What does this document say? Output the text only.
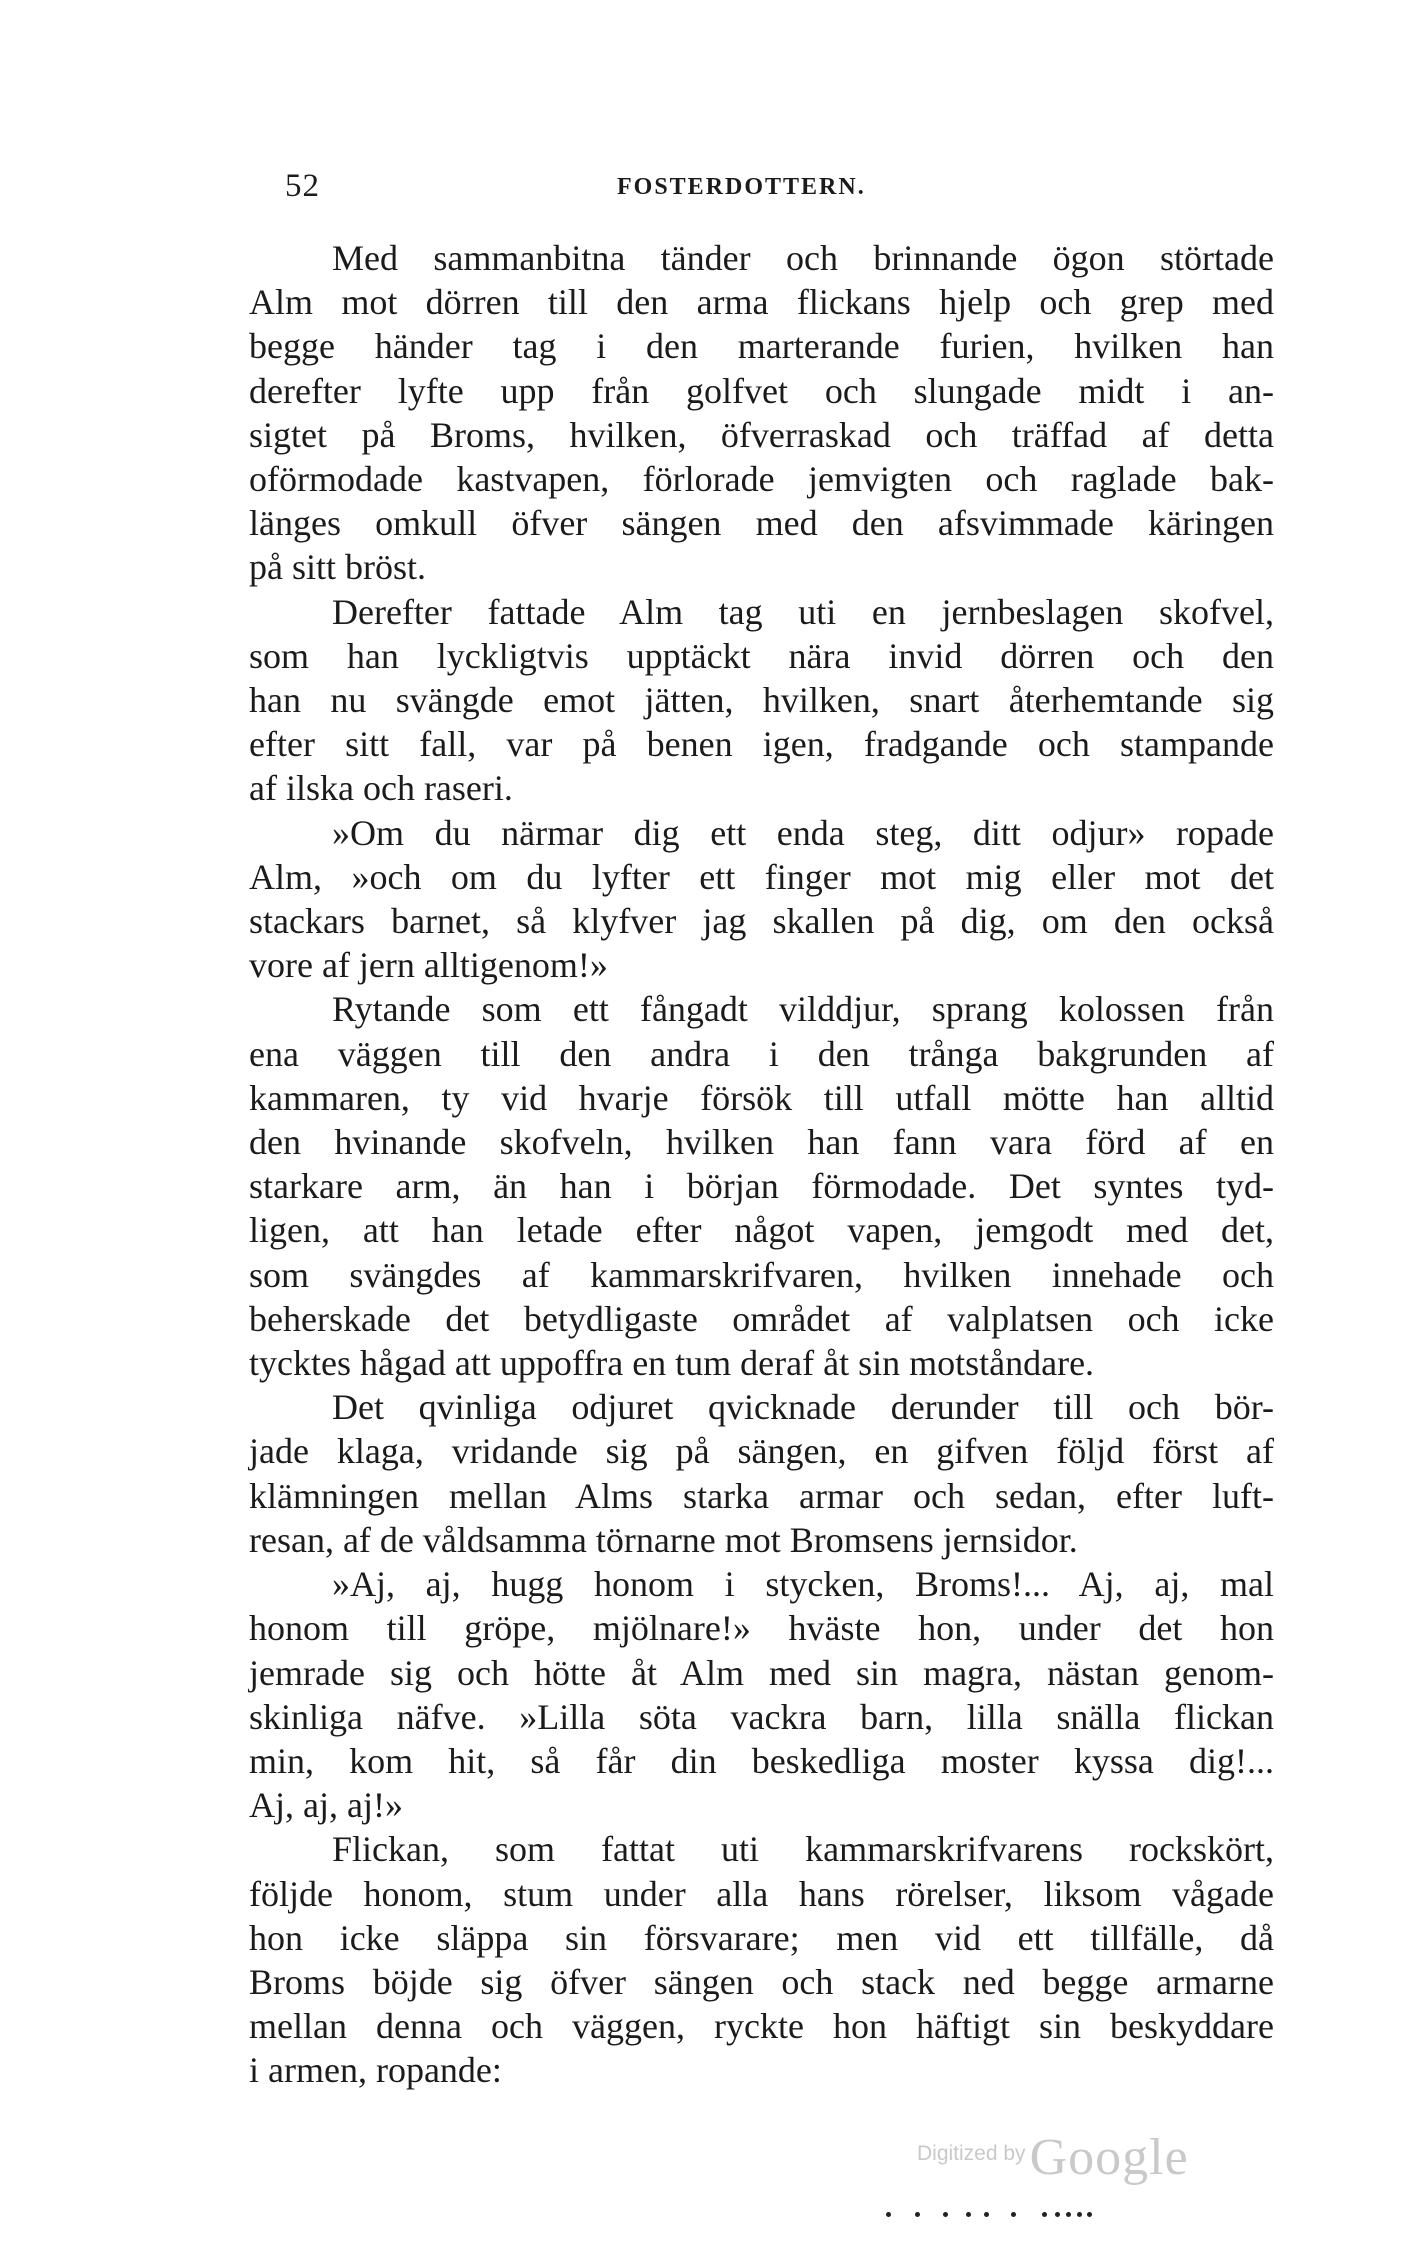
52	FOSTERDOTTERN.

Med sammanbitna tänder och brinnande ögon störtade
Alm mot dörren till den arma flickans hjelp och grep med
begge händer tag i den marterande furien, hvilken han
derefter lyfte upp från golfvet och slungade midt i an-
sigtet på Broms, hvilken, öfverraskad och träffad af detta
oförmodade kastvapen, förlorade jemvigten och raglade bak-
länges omkull öfver sängen med den afsvimmade käringen
på sitt bröst.

Derefter fattade Alm tag uti en jernbeslagen skofvel,
som han lyckligtvis upptäckt nära invid dörren och den
han nu svängde emot jätten, hvilken, snart återhemtande sig
efter sitt fall, var på benen igen, fradgande och stampande
af ilska och raseri.

»Om du närmar dig ett enda steg, ditt odjur» ropade
Alm, »och om du lyfter ett finger mot mig eller mot det
stackars barnet, så klyfver jag skallen på dig, om den också
vore af jern alltigenom!»

Rytande som ett fångadt vilddjur, sprang kolossen från
ena väggen till den andra i den trånga bakgrunden af
kammaren, ty vid hvarje försök till utfall mötte han alltid
den hvinande skofveln, hvilken han fann vara förd af en
starkare arm, än han i början förmodade. Det syntes tyd-
ligen, att han letade efter något vapen, jemgodt med det,
som svängdes af kammarskrifvaren, hvilken innehade och
beherskade det betydligaste området af valplatsen och icke
tycktes hågad att uppoffra en tum deraf åt sin motståndare.

Det qvinliga odjuret qvicknade derunder till och bör-
jade klaga, vridande sig på sängen, en gifven följd först af
klämningen mellan Alms starka armar och sedan, efter luft-
resan, af de våldsamma törnarne mot Bromsens jernsidor.

»Aj, aj, hugg honom i stycken, Broms!... Aj, aj, mal
honom till gröpe, mjölnare!» hväste hon, under det hon
jemrade sig och hötte åt Alm med sin magra, nästan genom-
skinliga näfve. »Lilla söta vackra barn, lilla snälla flickan
min, kom hit, så får din beskedliga moster kyssa dig!...
Aj, aj, aj!»

Flickan, som fattat uti kammarskrifvarens rockskört,
följde honom, stum under alla hans rörelser, liksom vågade
hon icke släppa sin försvarare; men vid ett tillfälle, då
Broms böjde sig öfver sängen och stack ned begge armarne
mellan denna och väggen, ryckte hon häftigt sin beskyddare
i armen, ropande:

Digitized byGoogle
